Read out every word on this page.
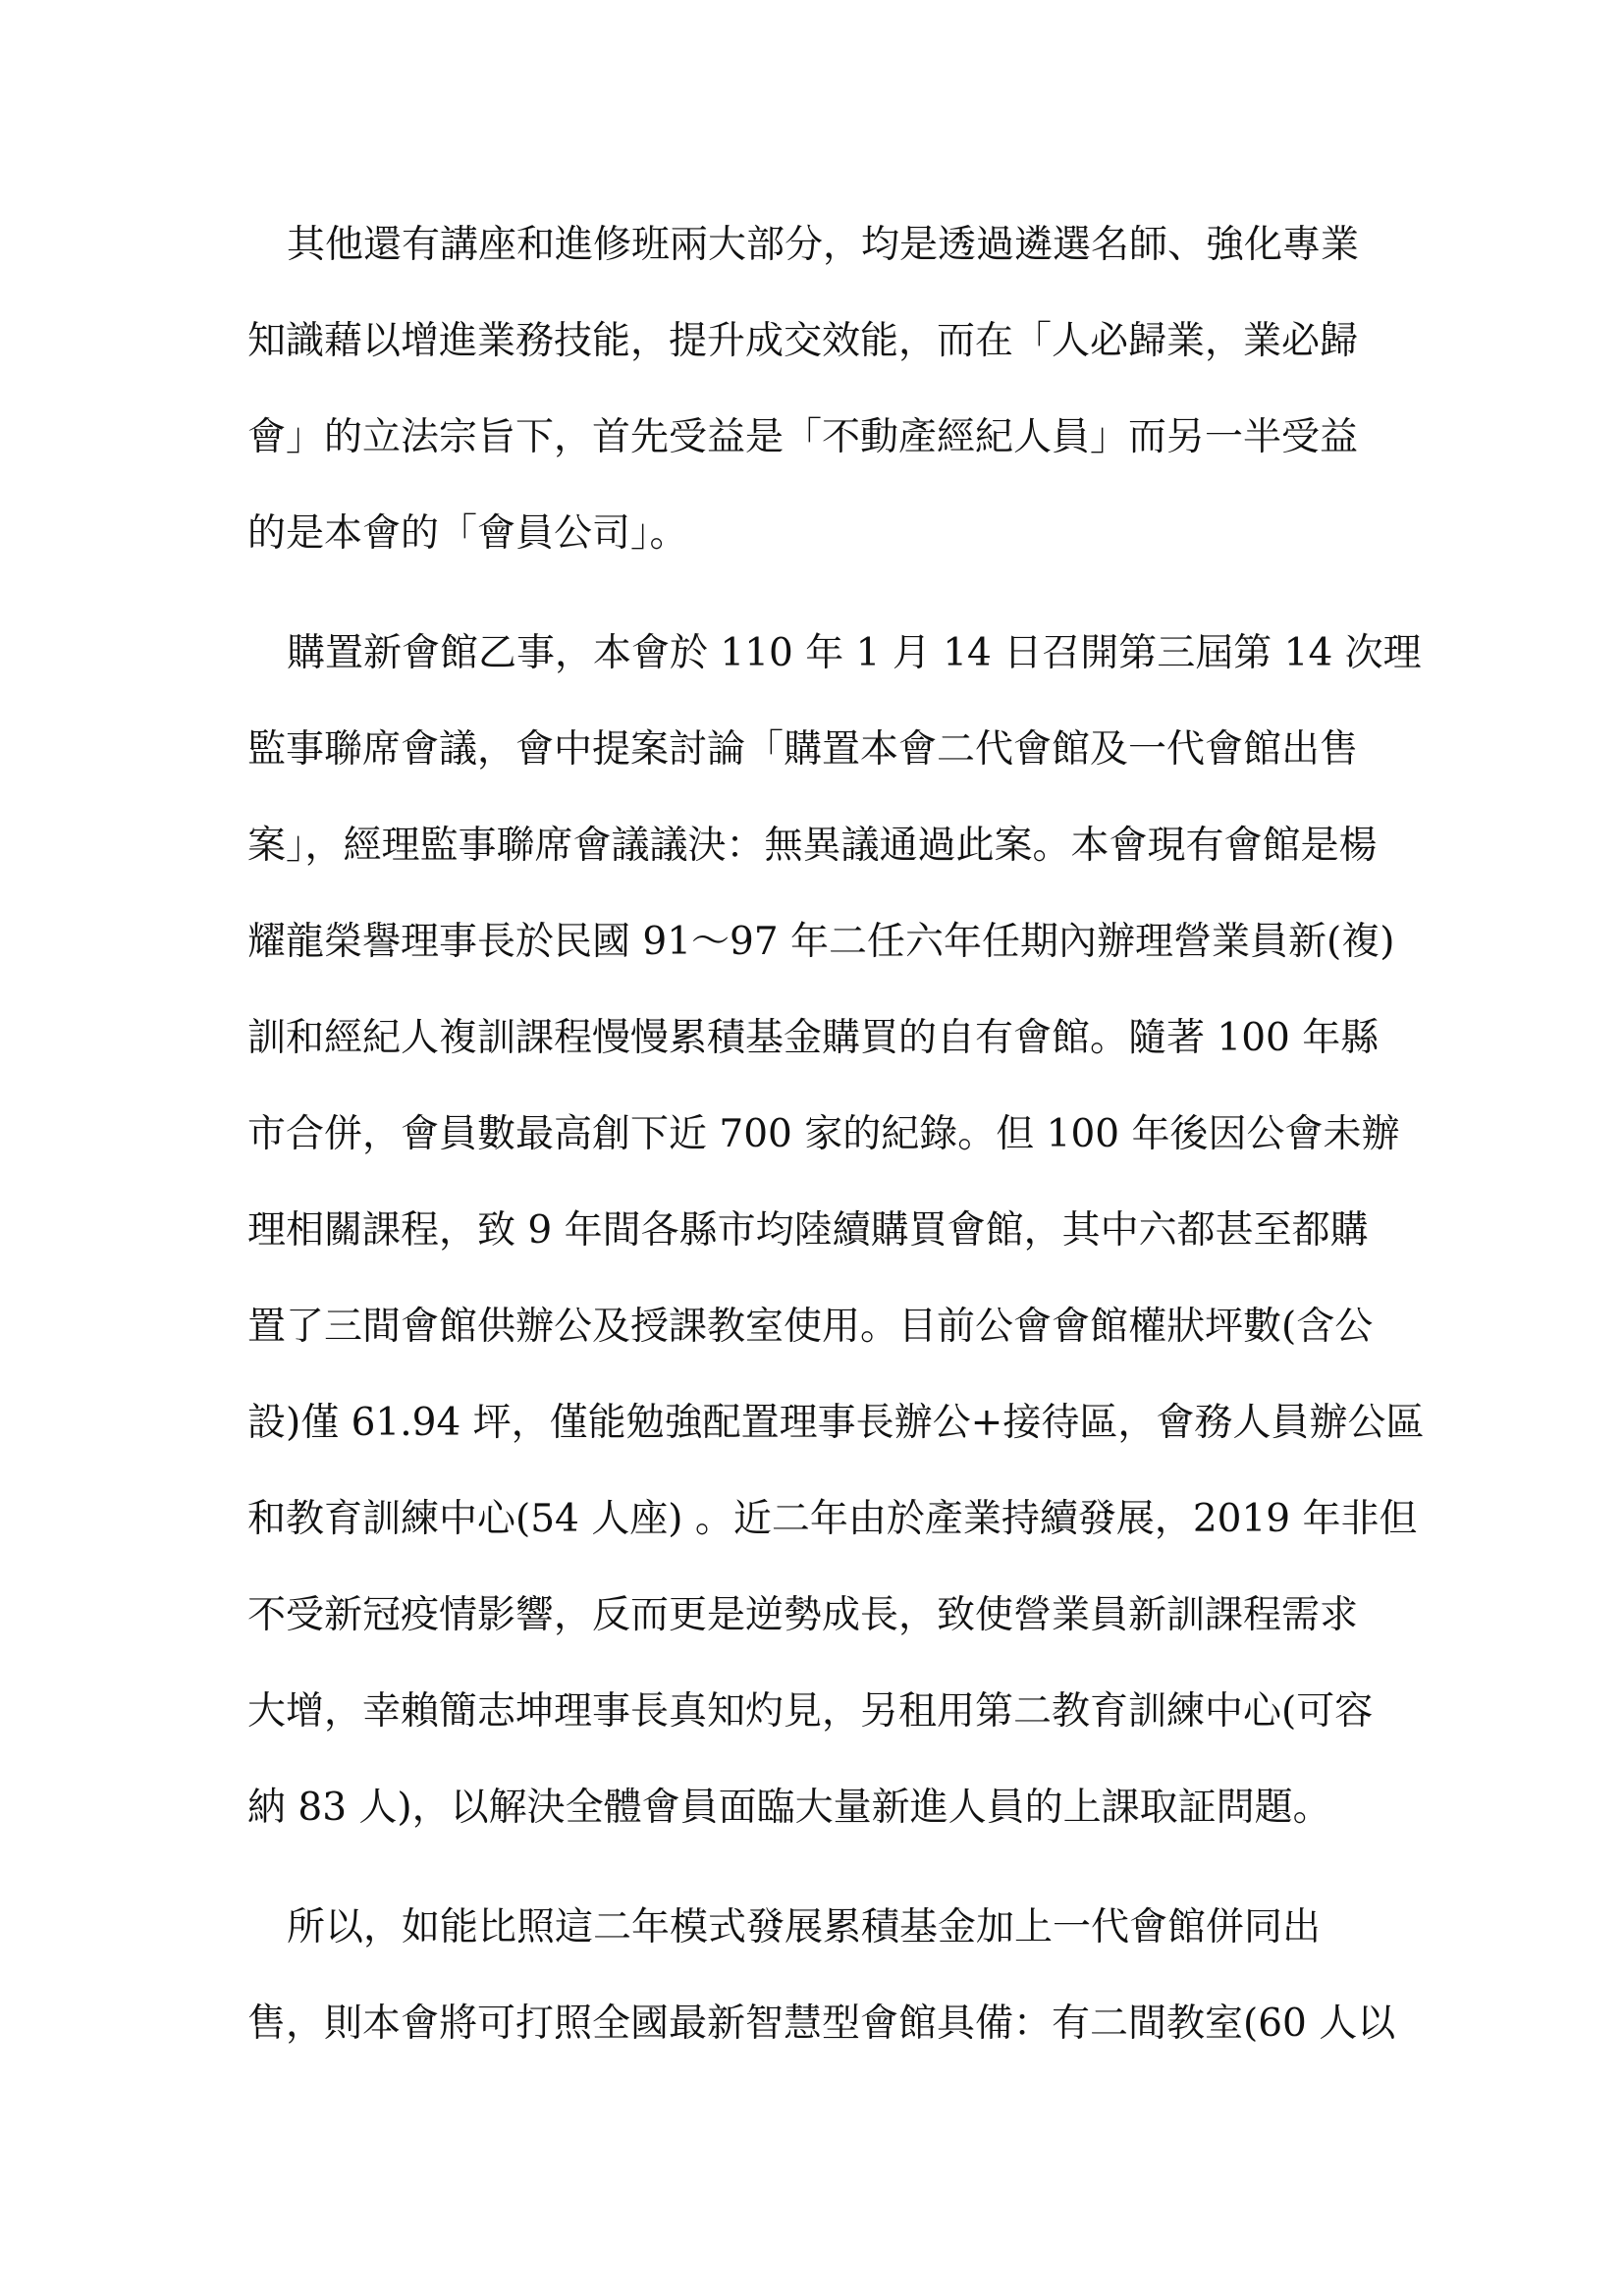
其他還有講座和進修班兩大部分，均是透過遴選名師、強化專業
知識藉以增進業務技能，提升成交效能，而在「人必歸業，業必歸
會」的立法宗旨下，首先受益是「不動產經紀人員」而另一半受益
的是本會的「會員公司」。
購置新會館乙事，本會於 110 年 1 月 14 日召開第三屆第 14 次理
監事聯席會議，會中提案討論「購置本會二代會館及一代會館出售
案」，經理監事聯席會議議決：無異議通過此案。本會現有會館是楊
耀龍榮譽理事長於民國 91～97 年二任六年任期內辦理營業員新(複)
訓和經紀人複訓課程慢慢累積基金購買的自有會館。隨著 100 年縣
市合併，會員數最高創下近 700 家的紀錄。但 100 年後因公會未辦
理相關課程，致 9 年間各縣市均陸續購買會館，其中六都甚至都購
置了三間會館供辦公及授課教室使用。目前公會會館權狀坪數(含公
設)僅 61.94 坪，僅能勉強配置理事長辦公+接待區，會務人員辦公區
和教育訓練中心(54 人座) 。近二年由於產業持續發展，2019 年非但
不受新冠疫情影響，反而更是逆勢成長，致使營業員新訓課程需求
大增，幸賴簡志坤理事長真知灼見，另租用第二教育訓練中心(可容
納 83 人)，以解決全體會員面臨大量新進人員的上課取証問題。
所以，如能比照這二年模式發展累積基金加上一代會館併同出
售，則本會將可打照全國最新智慧型會館具備：有二間教室(60 人以
